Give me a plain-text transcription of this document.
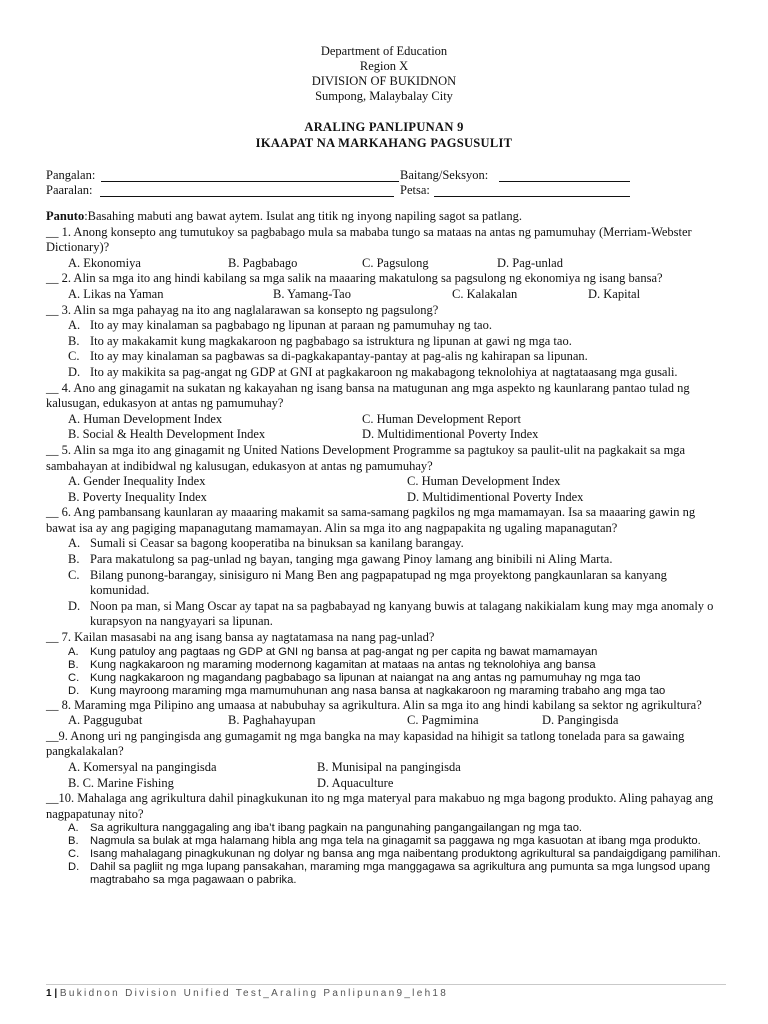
Department of Education
Region X
DIVISION OF BUKIDNON
Sumpong, Malaybalay City
ARALING PANLIPUNAN 9
IKAAPAT NA MARKAHANG PAGSUSULIT
Pangalan:	Baitang/Seksyon:
Paaralan:	Petsa:

Panuto:Basahing mabuti ang bawat aytem. Isulat ang titik ng inyong napiling sagot sa patlang.

__ 1. Anong konsepto ang tumutukoy sa pagbabago mula sa mababa tungo sa mataas na antas ng pamumuhay (Merriam-Webster Dictionary)?

A. Ekonomiya	B. Pagbabago	C. Pagsulong	D. Pag-unlad

__ 2. Alin sa mga ito ang hindi kabilang sa mga salik na maaaring makatulong sa pagsulong ng ekonomiya ng isang bansa?

A. Likas na Yaman	B. Yamang-Tao	C. Kalakalan	D. Kapital

__ 3. Alin sa mga pahayag na ito ang naglalarawan sa konsepto ng pagsulong?

A. Ito ay may kinalaman sa pagbabago ng lipunan at paraan ng pamumuhay ng tao.
B. Ito ay makakamit kung magkakaroon ng pagbabago sa istruktura ng lipunan at gawi ng mga tao.
C. Ito ay may kinalaman sa pagbawas sa di-pagkakapantay-pantay at pag-alis ng kahirapan sa lipunan.
D. Ito ay makikita sa pag-angat ng GDP at GNI at pagkakaroon ng makabagong teknolohiya at nagtataasang mga gusali.

__ 4. Ano ang ginagamit na sukatan ng kakayahan ng isang bansa na matugunan ang mga aspekto ng kaunlarang pantao tulad ng kalusugan, edukasyon at antas ng pamumuhay?

A. Human Development Index	C. Human Development Report
B. Social & Health Development Index	D. Multidimentional Poverty Index

__ 5. Alin sa mga ito ang ginagamit ng United Nations Development Programme sa pagtukoy sa paulit-ulit na pagkakait sa mga sambahayan at indibidwal ng kalusugan, edukasyon at antas ng pamumuhay?

A. Gender Inequality Index	C. Human Development Index
B. Poverty Inequality Index	D. Multidimentional Poverty Index

__ 6. Ang pambansang kaunlaran ay maaaring makamit sa sama-samang pagkilos ng mga mamamayan. Isa sa maaaring gawin ng bawat isa ay ang pagiging mapanagutang mamamayan. Alin sa mga ito ang nagpapakita ng ugaling mapanagutan?

A. Sumali si Ceasar sa bagong kooperatiba na binuksan sa kanilang barangay.
B. Para makatulong sa pag-unlad ng bayan, tanging mga gawang Pinoy lamang ang binibili ni Aling Marta.
C. Bilang punong-barangay, sinisiguro ni Mang Ben ang pagpapatupad ng mga proyektong pangkaunlaran sa kanyang komunidad.
D. Noon pa man, si Mang Oscar ay tapat na sa pagbabayad ng kanyang buwis at talagang nakikialam kung may mga anomaly o kurapsyon na nangyayari sa lipunan.

__ 7. Kailan masasabi na ang isang bansa ay nagtatamasa na nang pag-unlad?

A. Kung patuloy ang pagtaas ng GDP at GNI ng bansa at pag-angat ng per capita ng bawat mamamayan
B. Kung nagkakaroon ng maraming modernong kagamitan at mataas na antas ng teknolohiya ang bansa
C. Kung nagkakaroon ng magandang pagbabago sa lipunan at naiangat na ang antas ng pamumuhay ng mga tao
D. Kung mayroong maraming mga mamumuhunan ang nasa bansa at nagkakaroon ng maraming trabaho ang mga tao

__ 8. Maraming mga Pilipino ang umaasa at nabubuhay sa agrikultura. Alin sa mga ito ang hindi kabilang sa sektor ng agrikultura?

A. Paggugubat	B. Paghahayupan	C. Pagmimina	D. Pangingisda

__9. Anong uri ng pangingisda ang gumagamit ng mga bangka na may kapasidad na hihigit sa tatlong tonelada para sa gawaing pangkalakalan?

A. Komersyal na pangingisda	B. Munisipal na pangingisda
B. C. Marine Fishing	D. Aquaculture

__10. Mahalaga ang agrikultura dahil pinagkukunan ito ng mga materyal para makabuo ng mga bagong produkto. Aling pahayag ang nagpapatunay nito?

A. Sa agrikultura nanggagaling ang iba’t ibang pagkain na pangunahing pangangailangan ng mga tao.
B. Nagmula sa bulak at mga halamang hibla ang mga tela na ginagamit sa paggawa ng mga kasuotan at ibang mga produkto.
C. Isang mahalagang pinagkukunan ng dolyar ng bansa ang mga naibentang produktong agrikultural sa pandaigdigang pamilihan.
D. Dahil sa pagliit ng mga lupang pansakahan, maraming mga manggagawa sa agrikultura ang pumunta sa mga lungsod upang magtrabaho sa mga pagawaan o pabrika.
1 | Bukidnon Division Unified Test_Araling Panlipunan9_leh18
